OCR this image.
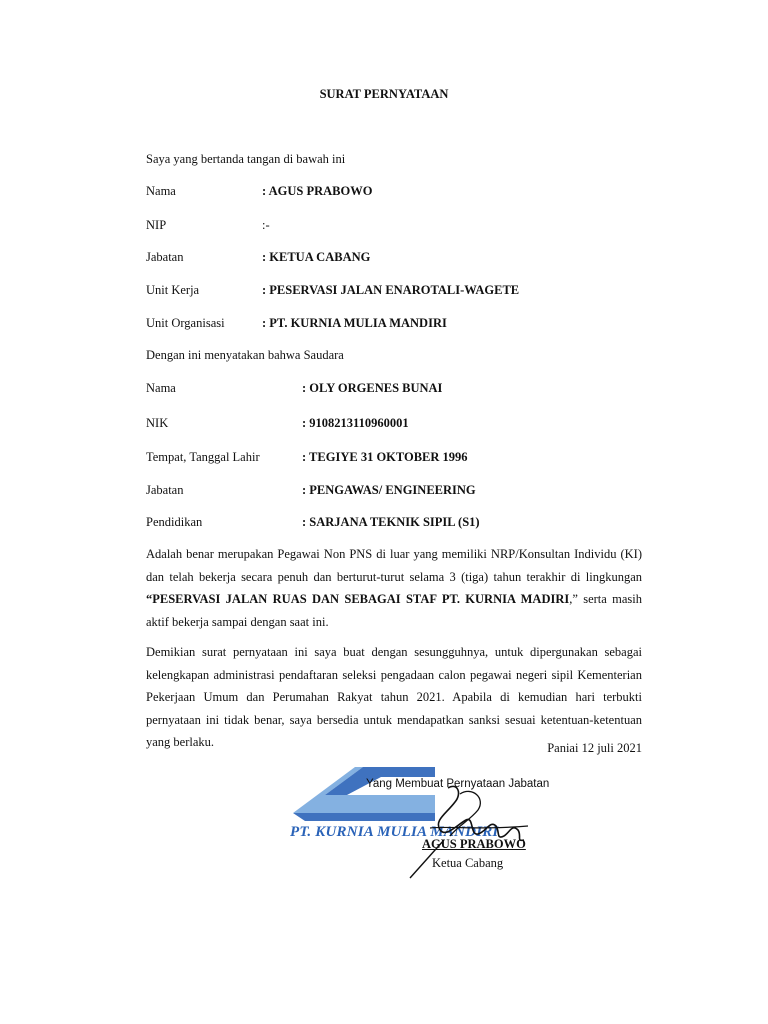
SURAT PERNYATAAN
Saya yang bertanda tangan di bawah ini
Nama	: AGUS PRABOWO
NIP	:-
Jabatan	: KETUA CABANG
Unit Kerja	: PESERVASI JALAN ENAROTALI-WAGETE
Unit Organisasi	: PT. KURNIA MULIA MANDIRI
Dengan ini menyatakan bahwa Saudara
Nama	: OLY ORGENES BUNAI
NIK	: 9108213110960001
Tempat, Tanggal Lahir	: TEGIYE 31 OKTOBER 1996
Jabatan	: PENGAWAS/ ENGINEERING
Pendidikan	: SARJANA TEKNIK SIPIL (S1)
Adalah benar merupakan Pegawai Non PNS di luar yang memiliki NRP/Konsultan Individu (KI) dan telah bekerja secara penuh dan berturut-turut selama 3 (tiga) tahun terakhir di lingkungan “PESERVASI JALAN RUAS DAN SEBAGAI STAF PT. KURNIA MADIRI,” serta masih aktif bekerja sampai dengan saat ini.
Demikian surat pernyataan ini saya buat dengan sesungguhnya, untuk dipergunakan sebagai kelengkapan administrasi pendaftaran seleksi pengadaan calon pegawai negeri sipil Kementerian Pekerjaan Umum dan Perumahan Rakyat tahun 2021. Apabila di kemudian hari terbukti pernyataan ini tidak benar, saya bersedia untuk mendapatkan sanksi sesuai ketentuan-ketentuan yang berlaku.	Paniai 12 juli 2021
PT. KURNIA MULIA MANDIRI
Yang Membuat Pernyataan Jabatan
AGUS PRABOWO
Ketua Cabang
